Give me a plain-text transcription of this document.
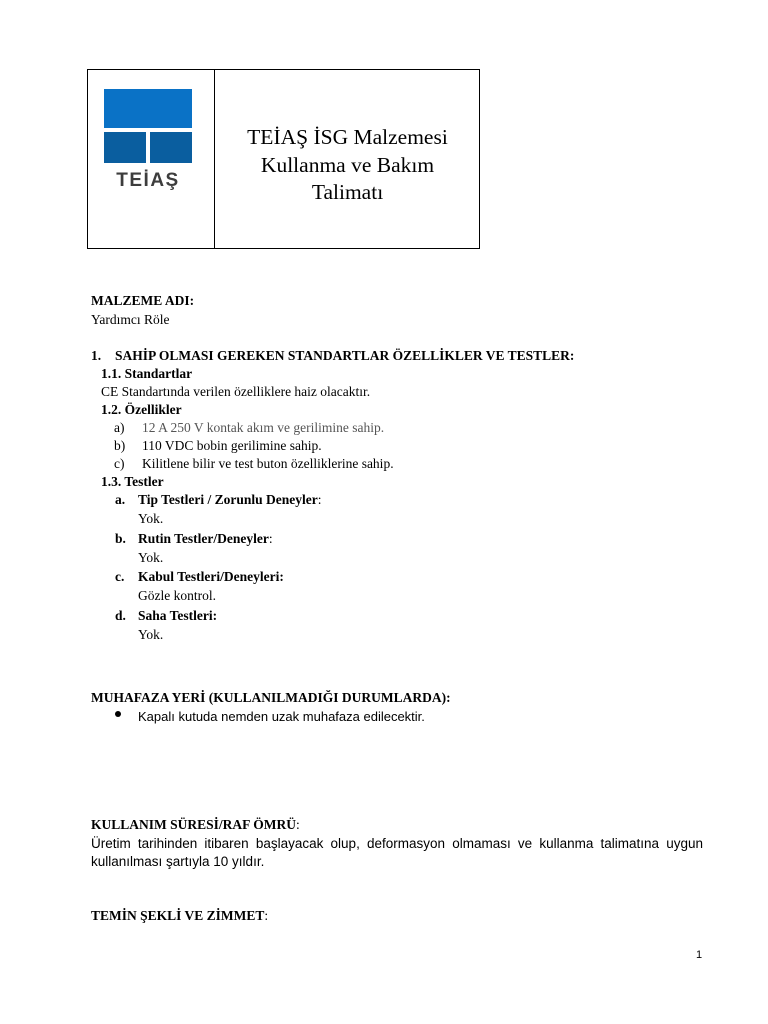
TEİAŞ
TEİAŞ İSG Malzemesi
Kullanma ve Bakım
Talimatı
MALZEME ADI:
Yardımcı Röle
1. SAHİP OLMASI GEREKEN STANDARTLAR ÖZELLİKLER VE TESTLER:
1.1. Standartlar
CE Standartında verilen özelliklere haiz olacaktır.
1.2. Özellikler
a) 12 A 250 V kontak akım ve gerilimine sahip.
b) 110 VDC bobin gerilimine sahip.
c) Kilitlene bilir ve test buton özelliklerine sahip.
1.3. Testler
a. Tip Testleri / Zorunlu Deneyler:
Yok.
b. Rutin Testler/Deneyler:
Yok.
c. Kabul Testleri/Deneyleri:
Gözle kontrol.
d. Saha Testleri:
Yok.
MUHAFAZA YERİ (KULLANILMADIĞI DURUMLARDA):
Kapalı kutuda nemden uzak muhafaza edilecektir.
KULLANIM SÜRESİ/RAF ÖMRÜ:
Üretim tarihinden itibaren başlayacak olup, deformasyon olmaması ve kullanma talimatına uygun kullanılması şartıyla 10 yıldır.
TEMİN ŞEKLİ VE ZİMMET:
1
